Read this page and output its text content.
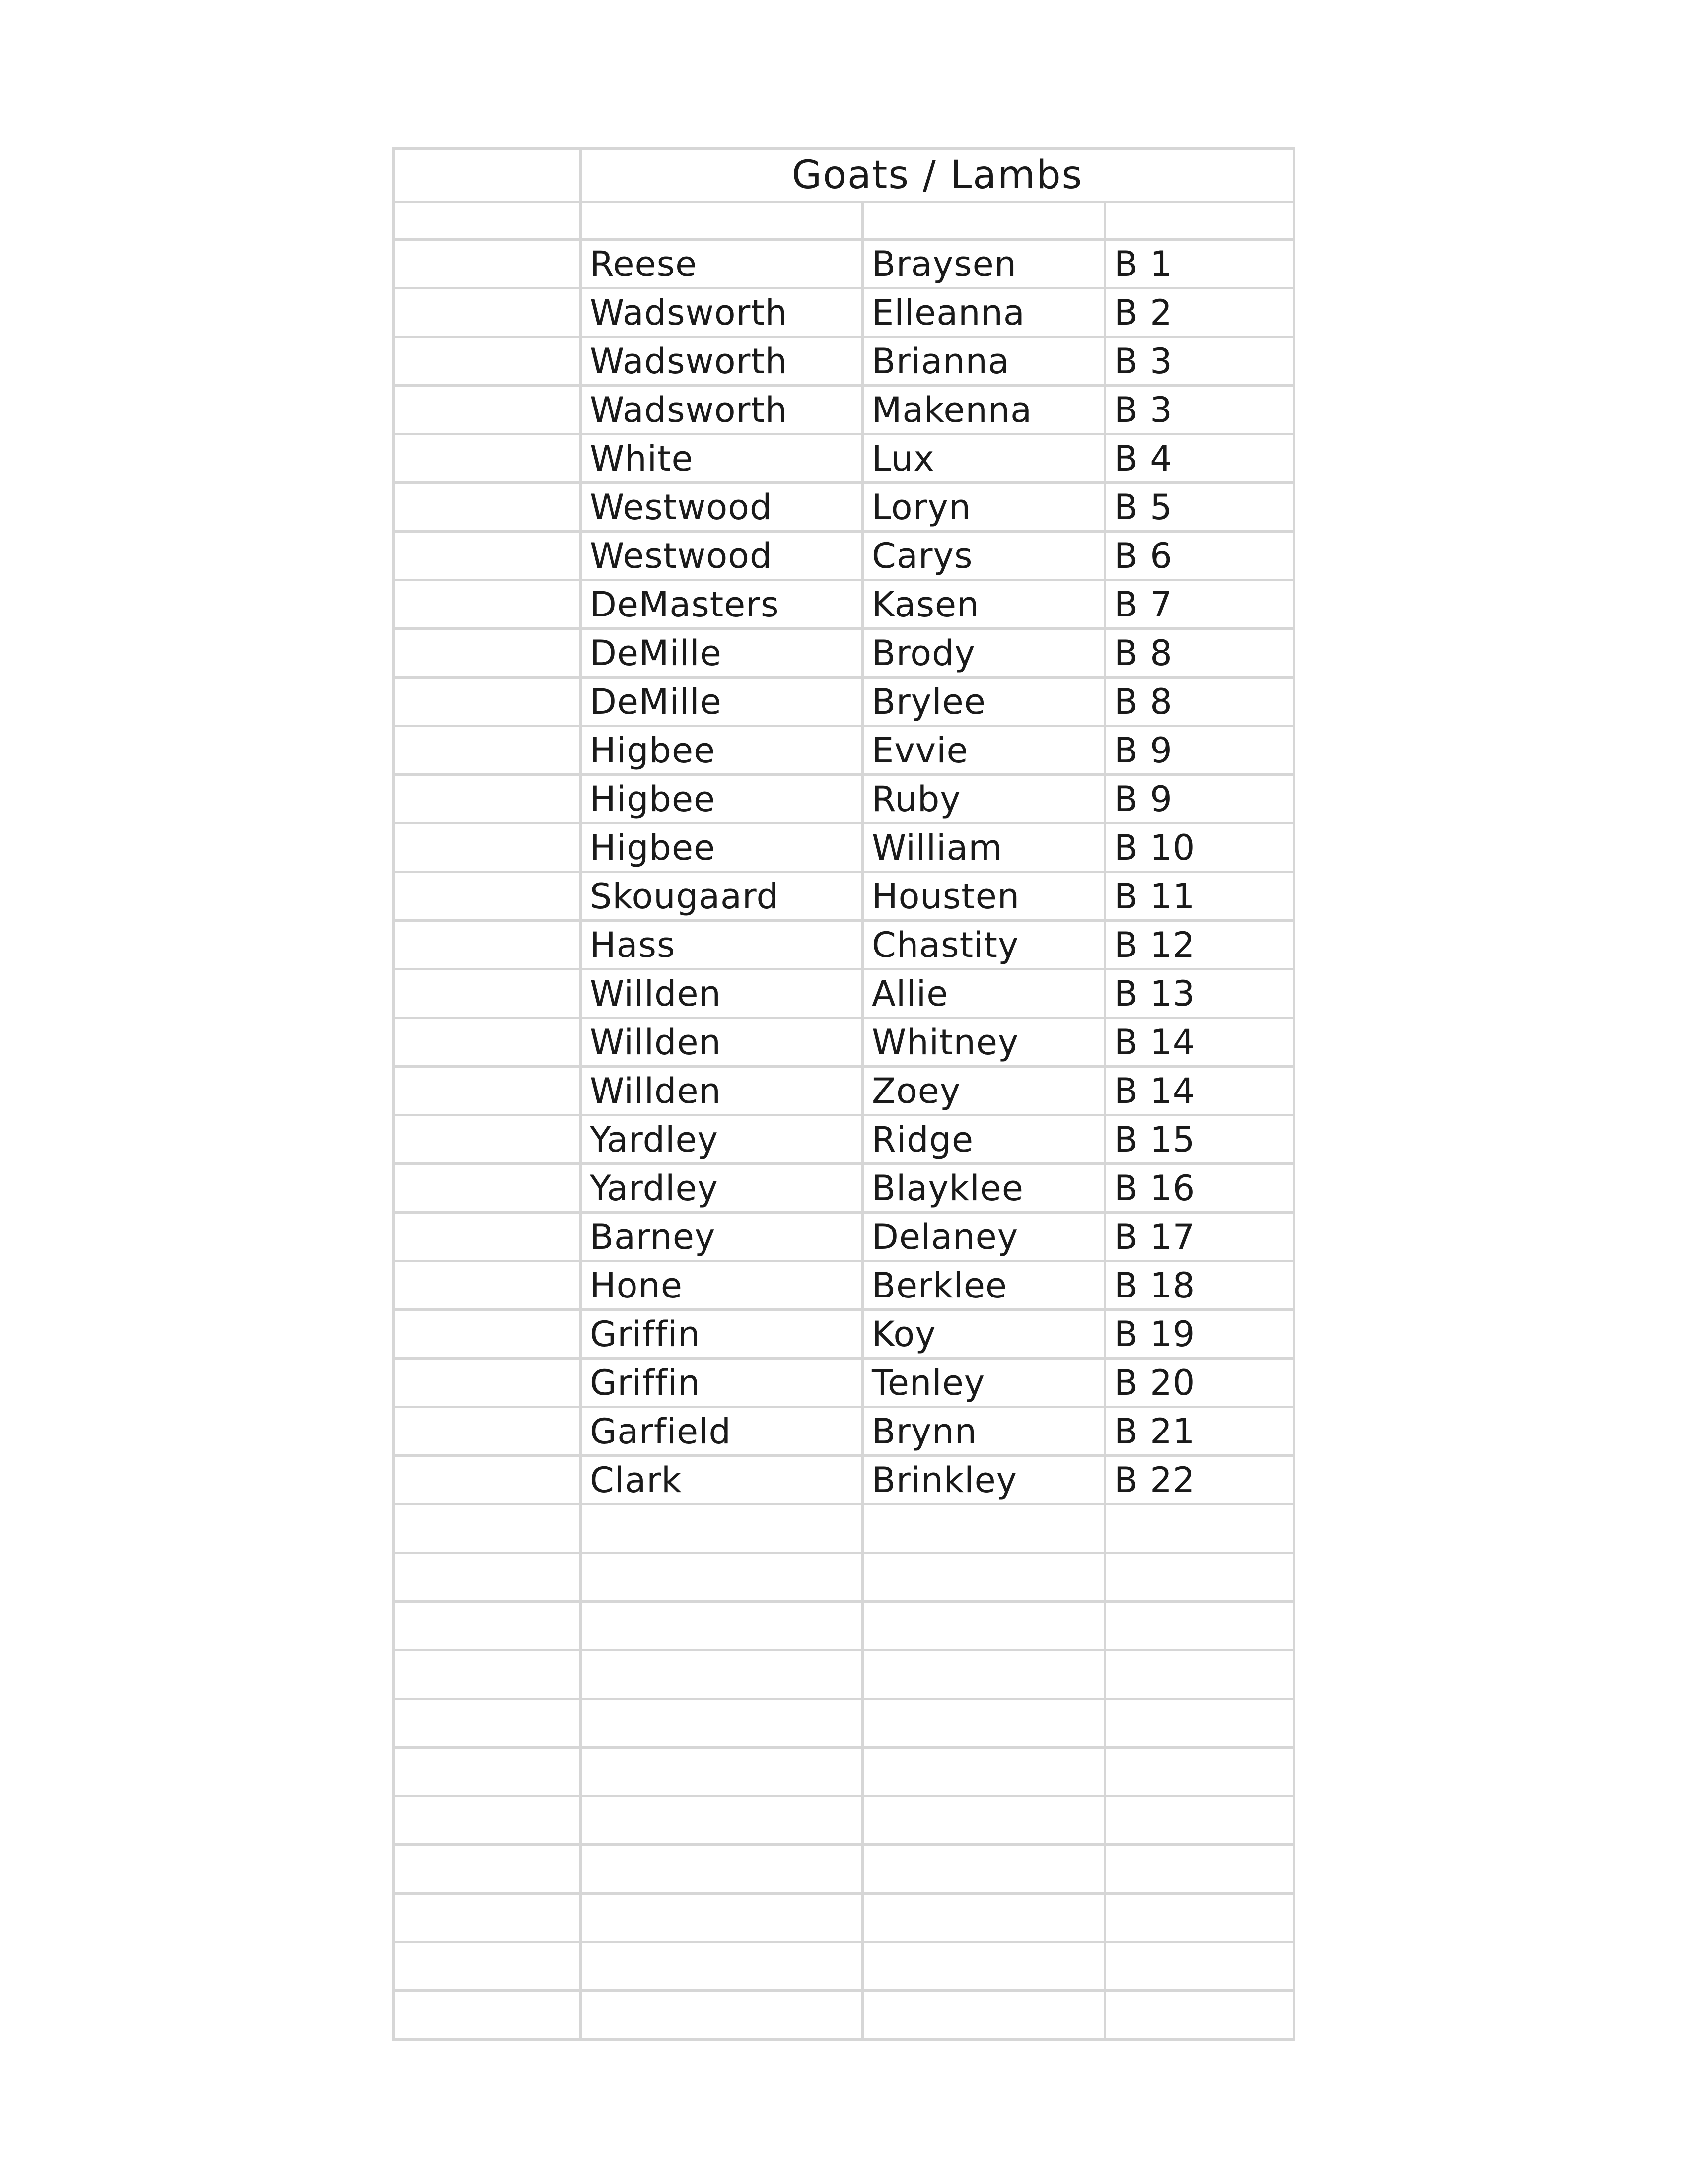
	Goats / Lambs		

	Reese	Braysen	B 1
	Wadsworth	Elleanna	B 2
	Wadsworth	Brianna	B 3
	Wadsworth	Makenna	B 3
	White	Lux	B 4
	Westwood	Loryn	B 5
	Westwood	Carys	B 6
	DeMasters	Kasen	B 7
	DeMille	Brody	B 8
	DeMille	Brylee	B 8
	Higbee	Evvie	B 9
	Higbee	Ruby	B 9
	Higbee	William	B 10
	Skougaard	Housten	B 11
	Hass	Chastity	B 12
	Willden	Allie	B 13
	Willden	Whitney	B 14
	Willden	Zoey	B 14
	Yardley	Ridge	B 15
	Yardley	Blayklee	B 16
	Barney	Delaney	B 17
	Hone	Berklee	B 18
	Griffin	Koy	B 19
	Griffin	Tenley	B 20
	Garfield	Brynn	B 21
	Clark	Brinkley	B 22
